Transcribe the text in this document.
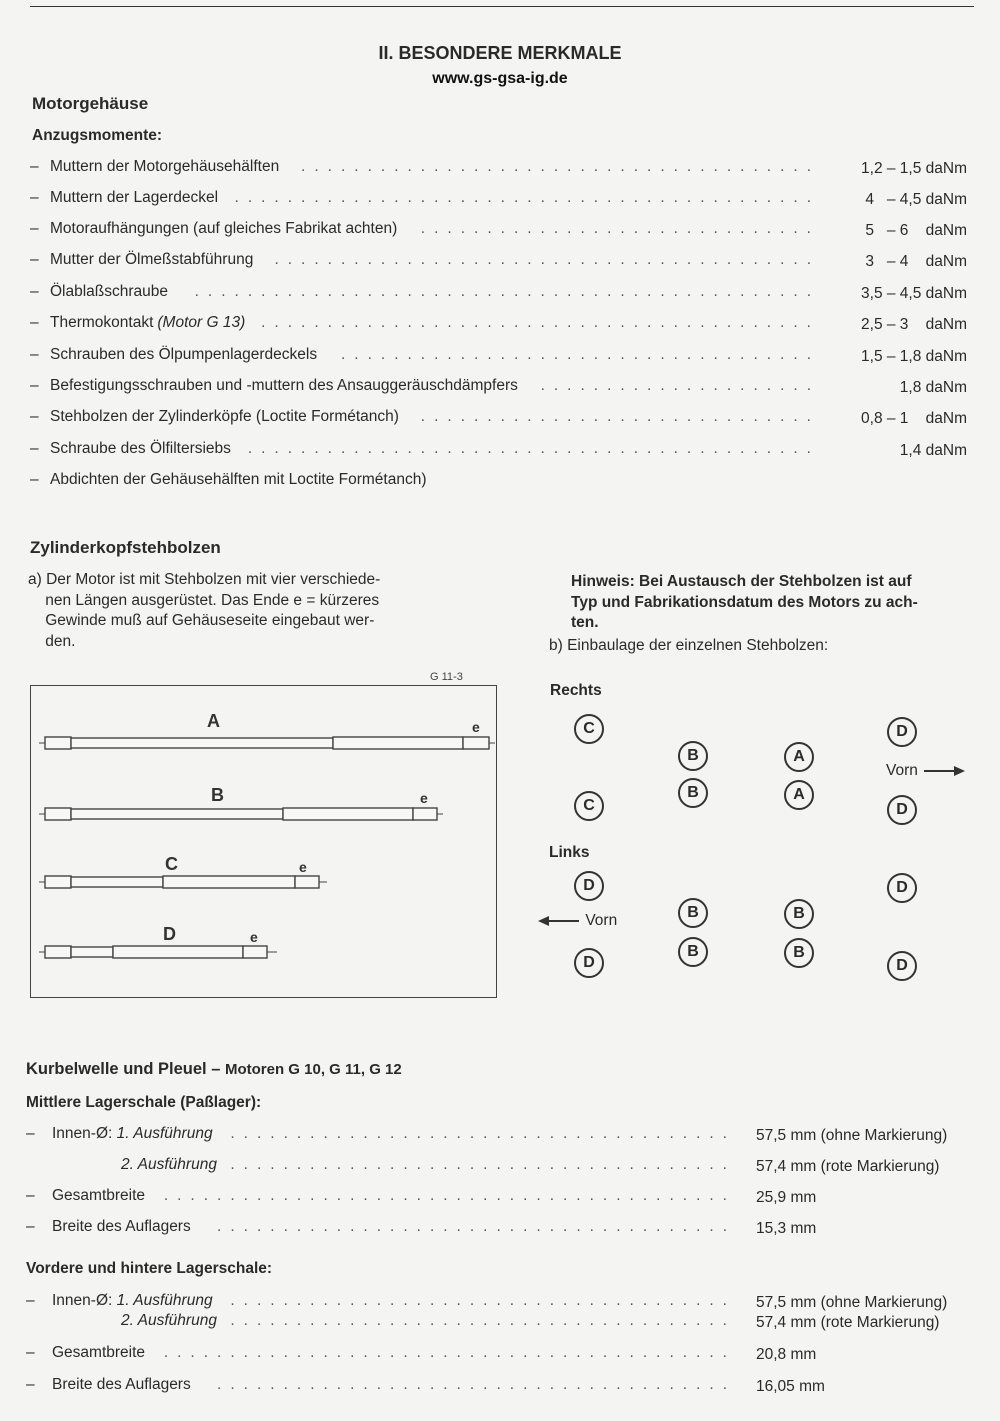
II. BESONDERE MERKMALE
www.gs-gsa-ig.de
Motorgehäuse
Anzugsmomente:
– Muttern der Motorgehäusehälften	.......................................	1,2 – 1,5 daNm
– Muttern der Lagerdeckel	............................................	4   – 4,5 daNm
– Motoraufhängungen (auf gleiches Fabrikat achten)	..............................	5   – 6    daNm
– Mutter der Ölmeßstabführung	.........................................	3   – 4    daNm
– Ölablaßschraube	...............................................	3,5 – 4,5 daNm
– Thermokontakt (Motor G 13)	..........................................	2,5 – 3    daNm
– Schrauben des Ölpumpenlagerdeckels	....................................	1,5 – 1,8 daNm
– Befestigungsschrauben und -muttern des Ansauggeräuschdämpfers	.....................	1,8 daNm
– Stehbolzen der Zylinderköpfe (Loctite Formétanch)	..............................	0,8 – 1    daNm
– Schraube des Ölfiltersiebs	...........................................	1,4 daNm
– Abdichten der Gehäusehälften mit Loctite Formétanch)
Zylinderkopfstehbolzen
a) Der Motor ist mit Stehbolzen mit vier verschiede-
nen Längen ausgerüstet. Das Ende e = kürzeres
Gewinde muß auf Gehäuseseite eingebaut wer-
den.
Hinweis: Bei Austausch der Stehbolzen ist auf
Typ und Fabrikationsdatum des Motors zu ach-
ten.
b) Einbaulage der einzelnen Stehbolzen:
G 11-3
A
B
C
D
e
e
e
e
Rechts
Links
C
C
B
B
A
A
D
D
D
D
B
B
B
B
D
D
Vorn
Vorn
Kurbelwelle und Pleuel – Motoren G 10, G 11, G 12
Mittlere Lagerschale (Paßlager):
– Innen-Ø: 1. Ausführung	...................................... 57,5 mm (ohne Markierung)
2. Ausführung ...................................... 57,4 mm (rote Markierung)
– Gesamtbreite	........................................... 25,9 mm
– Breite des Auflagers	....................................... 15,3 mm
Vordere und hintere Lagerschale:
– Innen-Ø: 1. Ausführung	...................................... 57,5 mm (ohne Markierung)
2. Ausführung ...................................... 57,4 mm (rote Markierung)
– Gesamtbreite	........................................... 20,8 mm
– Breite des Auflagers	....................................... 16,05 mm
